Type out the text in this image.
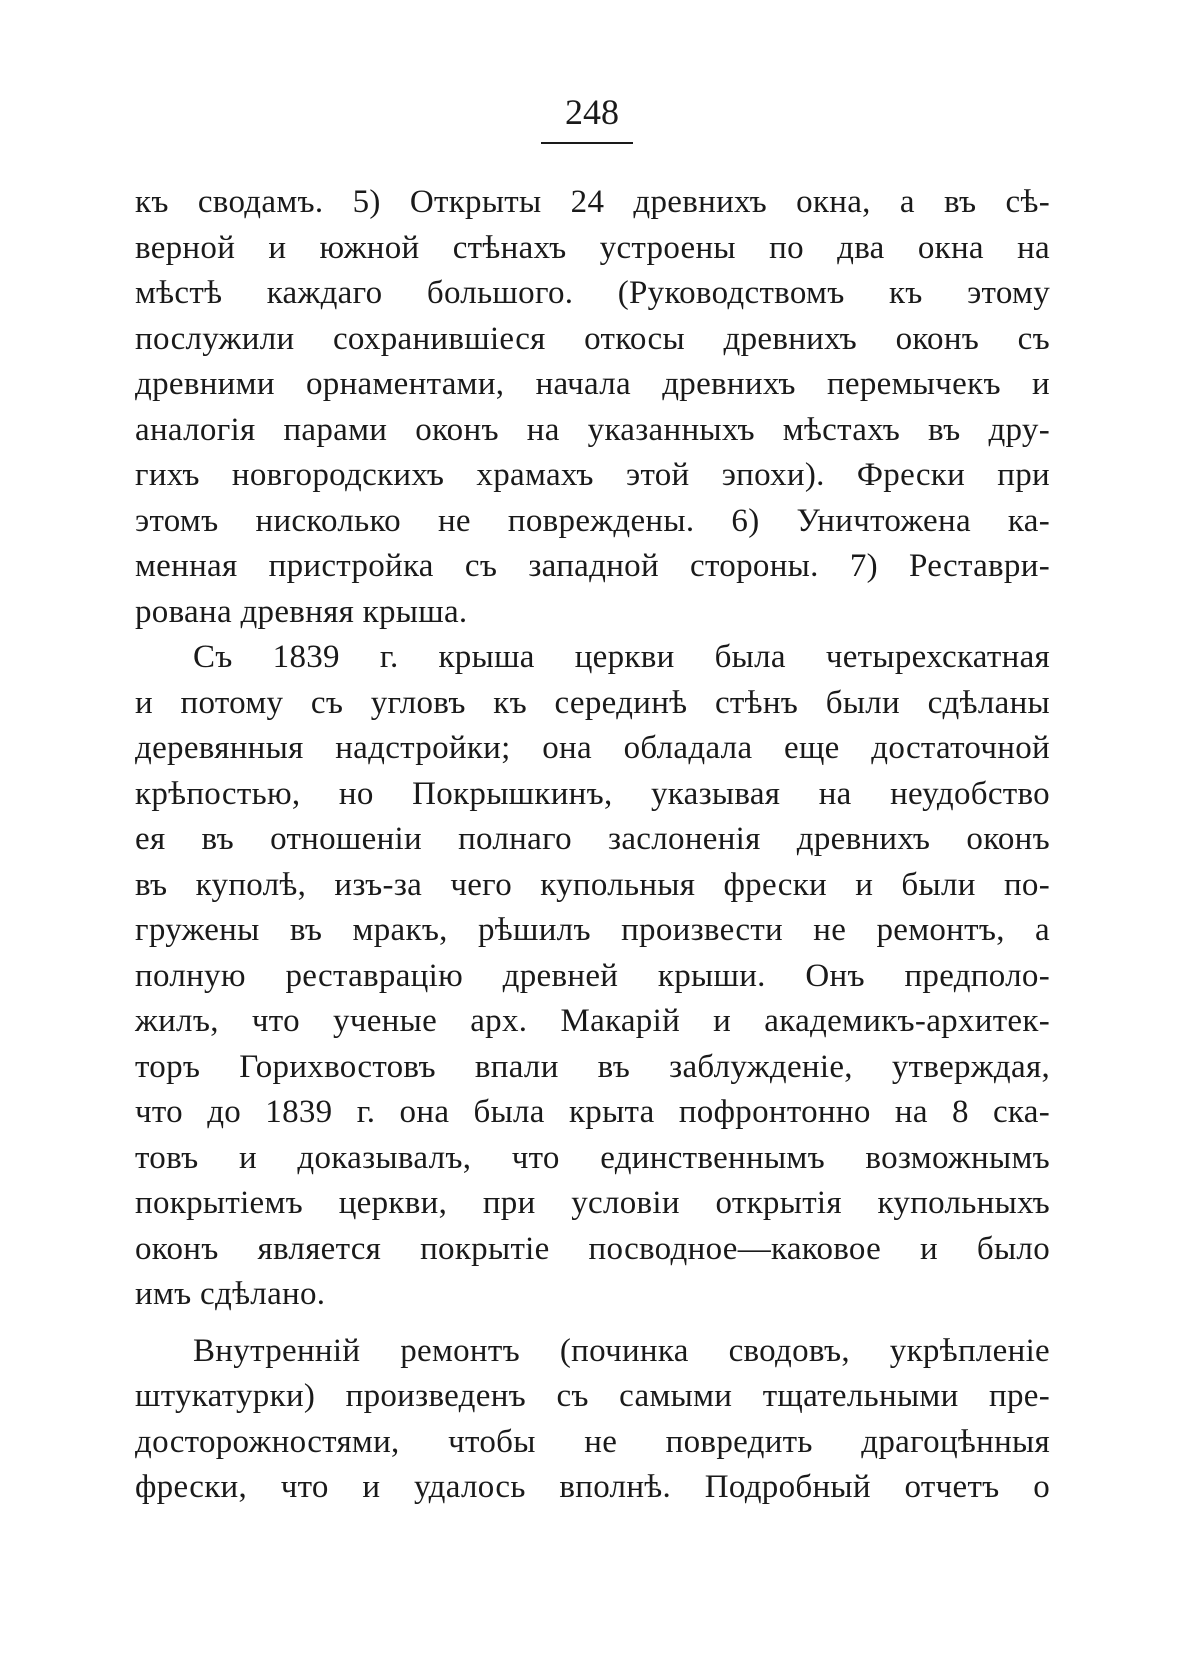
248
къ сводамъ. 5) Открыты 24 древнихъ окна, а въ сѣ-
верной и южной стѣнахъ устроены по два окна на
мѣстѣ каждаго большого. (Руководствомъ къ этому
послужили сохранившіеся откосы древнихъ оконъ съ
древними орнаментами, начала древнихъ перемычекъ и
аналогія парами оконъ на указанныхъ мѣстахъ въ дру-
гихъ новгородскихъ храмахъ этой эпохи). Фрески при
этомъ нисколько не повреждены. 6) Уничтожена ка-
менная пристройка съ западной стороны. 7) Реставри-
рована древняя крыша.
Съ 1839 г. крыша церкви была четырехскатная
и потому съ угловъ къ серединѣ стѣнъ были сдѣланы
деревянныя надстройки; она обладала еще достаточной
крѣпостью, но Покрышкинъ, указывая на неудобство
ея въ отношеніи полнаго заслоненія древнихъ оконъ
въ куполѣ, изъ-за чего купольныя фрески и были по-
гружены въ мракъ, рѣшилъ произвести не ремонтъ, а
полную реставрацію древней крыши. Онъ предполо-
жилъ, что ученые арх. Макарій и академикъ-архитек-
торъ Горихвостовъ впали въ заблужденіе, утверждая,
что до 1839 г. она была крыта пофронтонно на 8 ска-
товъ и доказывалъ, что единственнымъ возможнымъ
покрытіемъ церкви, при условіи открытія купольныхъ
оконъ является покрытіе посводное—каковое и было
имъ сдѣлано.
Внутренній ремонтъ (починка сводовъ, укрѣпленіе
штукатурки) произведенъ съ самыми тщательными пре-
досторожностями, чтобы не повредить драгоцѣнныя
фрески, что и удалось вполнѣ. Подробный отчетъ о
